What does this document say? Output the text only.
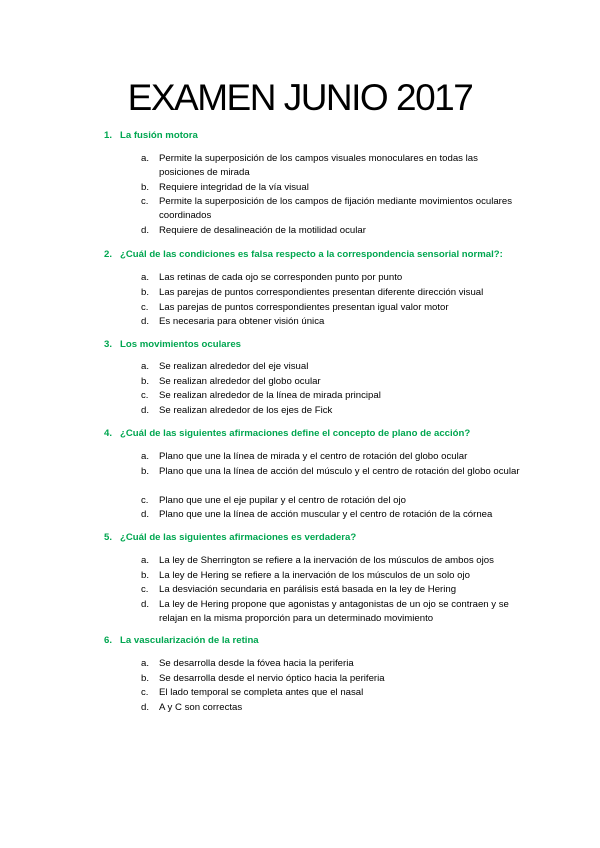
EXAMEN JUNIO 2017
1. La fusión motora
a. Permite la superposición de los campos visuales monoculares en todas las posiciones de mirada
b. Requiere integridad de la vía visual
c. Permite la superposición de los campos de fijación mediante movimientos oculares coordinados
d. Requiere de desalineación de la motilidad ocular
2. ¿Cuál de las condiciones es falsa respecto a la correspondencia sensorial normal?:
a. Las retinas de cada ojo se corresponden punto por punto
b. Las parejas de puntos correspondientes presentan diferente dirección visual
c. Las parejas de puntos correspondientes presentan igual valor motor
d. Es necesaria para obtener visión única
3. Los movimientos oculares
a. Se realizan alrededor del eje visual
b. Se realizan alrededor del globo ocular
c. Se realizan alrededor de la línea de mirada principal
d. Se realizan alrededor de los ejes de Fick
4. ¿Cuál de las siguientes afirmaciones define el concepto de plano de acción?
a. Plano que une la línea de mirada y el centro de rotación del globo ocular
b. Plano que una la línea de acción del músculo y el centro de rotación del globo ocular
c. Plano que une el eje pupilar y el centro de rotación del ojo
d. Plano que une la línea de acción muscular y el centro de rotación de la córnea
5. ¿Cuál de las siguientes afirmaciones es verdadera?
a. La ley de Sherrington se refiere a la inervación de los músculos de ambos ojos
b. La ley de Hering se refiere a la inervación de los músculos de un solo ojo
c. La desviación secundaria en parálisis está basada en la ley de Hering
d. La ley de Hering propone que agonistas y antagonistas de un ojo se contraen y se relajan en la misma proporción para un determinado movimiento
6. La vascularización de la retina
a. Se desarrolla desde la fóvea hacia la periferia
b. Se desarrolla desde el nervio óptico hacia la periferia
c. El lado temporal se completa antes que el nasal
d. A y C son correctas
